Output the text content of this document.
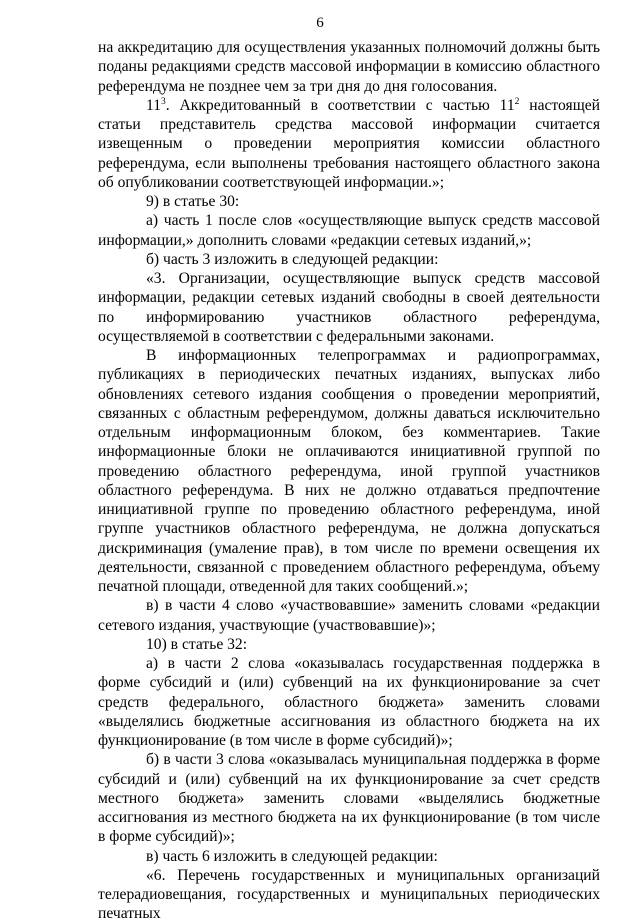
6

на аккредитацию для осуществления указанных полномочий должны быть поданы редакциями средств массовой информации в комиссию областного референдума не позднее чем за три дня до дня голосования.

$11^3$. Аккредитованный в соответствии с частью $11^2$ настоящей статьи представитель средства массовой информации считается извещенным о проведении мероприятия комиссии областного референдума, если выполнены требования настоящего областного закона об опубликовании соответствующей информации.»;

9) в статье 30:

а) часть 1 после слов «осуществляющие выпуск средств массовой информации,» дополнить словами «редакции сетевых изданий,»;

б) часть 3 изложить в следующей редакции:

«3. Организации, осуществляющие выпуск средств массовой информации, редакции сетевых изданий свободны в своей деятельности по информированию участников областного референдума, осуществляемой в соответствии с федеральными законами.

В информационных телепрограммах и радиопрограммах, публикациях в периодических печатных изданиях, выпусках либо обновлениях сетевого издания сообщения о проведении мероприятий, связанных с областным референдумом, должны даваться исключительно отдельным информационным блоком, без комментариев. Такие информационные блоки не оплачиваются инициативной группой по проведению областного референдума, иной группой участников областного референдума. В них не должно отдаваться предпочтение инициативной группе по проведению областного референдума, иной группе участников областного референдума, не должна допускаться дискриминация (умаление прав), в том числе по времени освещения их деятельности, связанной с проведением областного референдума, объему печатной площади, отведенной для таких сообщений.»;

в) в части 4 слово «участвовавшие» заменить словами «редакции сетевого издания, участвующие (участвовавшие)»;

10) в статье 32:

а) в части 2 слова «оказывалась государственная поддержка в форме субсидий и (или) субвенций на их функционирование за счет средств федерального, областного бюджета» заменить словами «выделялись бюджетные ассигнования из областного бюджета на их функционирование (в том числе в форме субсидий)»;

б) в части 3 слова «оказывалась муниципальная поддержка в форме субсидий и (или) субвенций на их функционирование за счет средств местного бюджета» заменить словами «выделялись бюджетные ассигнования из местного бюджета на их функционирование (в том числе в форме субсидий)»;

в) часть 6 изложить в следующей редакции:

«6. Перечень государственных и муниципальных организаций телерадиовещания, государственных и муниципальных периодических печатных
